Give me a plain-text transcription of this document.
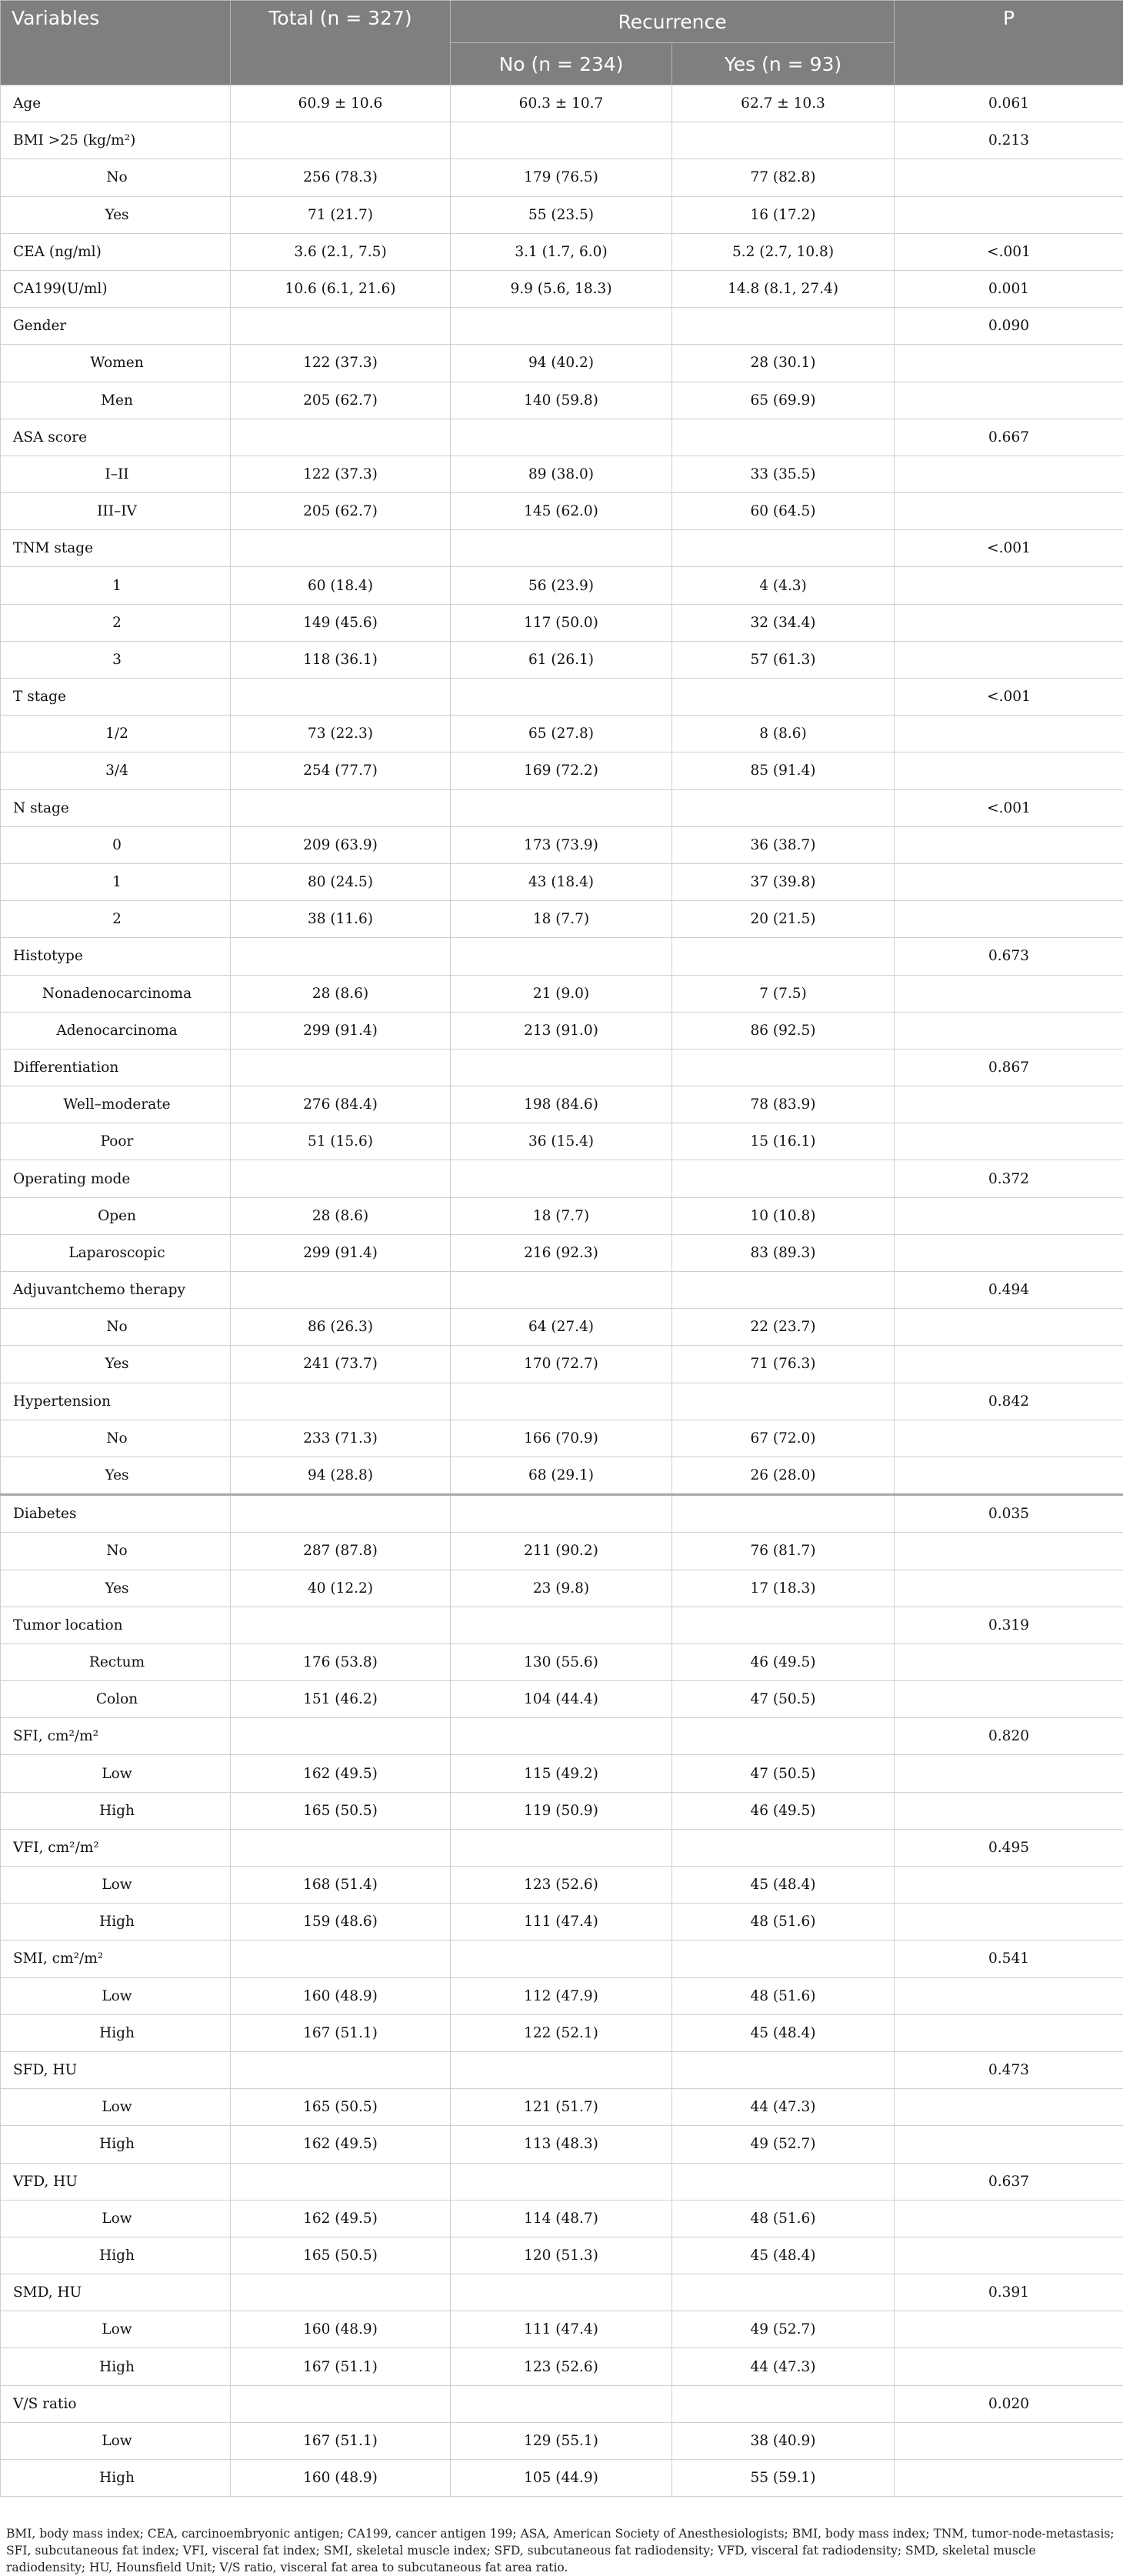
Variables	Total (n = 327)	Recurrence		P
		No (n = 234)	Yes (n = 93)	
Age	60.9 ± 10.6	60.3 ± 10.7	62.7 ± 10.3	0.061
BMI >25 (kg/m²)				0.213
No	256 (78.3)	179 (76.5)	77 (82.8)	
Yes	71 (21.7)	55 (23.5)	16 (17.2)	
CEA (ng/ml)	3.6 (2.1, 7.5)	3.1 (1.7, 6.0)	5.2 (2.7, 10.8)	<.001
CA199(U/ml)	10.6 (6.1, 21.6)	9.9 (5.6, 18.3)	14.8 (8.1, 27.4)	0.001
Gender				0.090
Women	122 (37.3)	94 (40.2)	28 (30.1)	
Men	205 (62.7)	140 (59.8)	65 (69.9)	
ASA score				0.667
I–II	122 (37.3)	89 (38.0)	33 (35.5)	
III–IV	205 (62.7)	145 (62.0)	60 (64.5)	
TNM stage				<.001
1	60 (18.4)	56 (23.9)	4 (4.3)	
2	149 (45.6)	117 (50.0)	32 (34.4)	
3	118 (36.1)	61 (26.1)	57 (61.3)	
T stage				<.001
1/2	73 (22.3)	65 (27.8)	8 (8.6)	
3/4	254 (77.7)	169 (72.2)	85 (91.4)	
N stage				<.001
0	209 (63.9)	173 (73.9)	36 (38.7)	
1	80 (24.5)	43 (18.4)	37 (39.8)	
2	38 (11.6)	18 (7.7)	20 (21.5)	
Histotype				0.673
Nonadenocarcinoma	28 (8.6)	21 (9.0)	7 (7.5)	
Adenocarcinoma	299 (91.4)	213 (91.0)	86 (92.5)	
Differentiation				0.867
Well–moderate	276 (84.4)	198 (84.6)	78 (83.9)	
Poor	51 (15.6)	36 (15.4)	15 (16.1)	
Operating mode				0.372
Open	28 (8.6)	18 (7.7)	10 (10.8)	
Laparoscopic	299 (91.4)	216 (92.3)	83 (89.3)	
Adjuvantchemo therapy				0.494
No	86 (26.3)	64 (27.4)	22 (23.7)	
Yes	241 (73.7)	170 (72.7)	71 (76.3)	
Hypertension				0.842
No	233 (71.3)	166 (70.9)	67 (72.0)	
Yes	94 (28.8)	68 (29.1)	26 (28.0)	
Diabetes				0.035
No	287 (87.8)	211 (90.2)	76 (81.7)	
Yes	40 (12.2)	23 (9.8)	17 (18.3)	
Tumor location				0.319
Rectum	176 (53.8)	130 (55.6)	46 (49.5)	
Colon	151 (46.2)	104 (44.4)	47 (50.5)	
SFI, cm²/m²				0.820
Low	162 (49.5)	115 (49.2)	47 (50.5)	
High	165 (50.5)	119 (50.9)	46 (49.5)	
VFI, cm²/m²				0.495
Low	168 (51.4)	123 (52.6)	45 (48.4)	
High	159 (48.6)	111 (47.4)	48 (51.6)	
SMI, cm²/m²				0.541
Low	160 (48.9)	112 (47.9)	48 (51.6)	
High	167 (51.1)	122 (52.1)	45 (48.4)	
SFD, HU				0.473
Low	165 (50.5)	121 (51.7)	44 (47.3)	
High	162 (49.5)	113 (48.3)	49 (52.7)	
VFD, HU				0.637
Low	162 (49.5)	114 (48.7)	48 (51.6)	
High	165 (50.5)	120 (51.3)	45 (48.4)	
SMD, HU				0.391
Low	160 (48.9)	111 (47.4)	49 (52.7)	
High	167 (51.1)	123 (52.6)	44 (47.3)	
V/S ratio				0.020
Low	167 (51.1)	129 (55.1)	38 (40.9)	
High	160 (48.9)	105 (44.9)	55 (59.1)	
BMI, body mass index; CEA, carcinoembryonic antigen; CA199, cancer antigen 199; ASA, American Society of Anesthesiologists; BMI, body mass index; TNM, tumor-node-metastasis; SFI, subcutaneous fat index; VFI, visceral fat index; SMI, skeletal muscle index; SFD, subcutaneous fat radiodensity; VFD, visceral fat radiodensity; SMD, skeletal muscle radiodensity; HU, Hounsfield Unit; V/S ratio, visceral fat area to subcutaneous fat area ratio.
